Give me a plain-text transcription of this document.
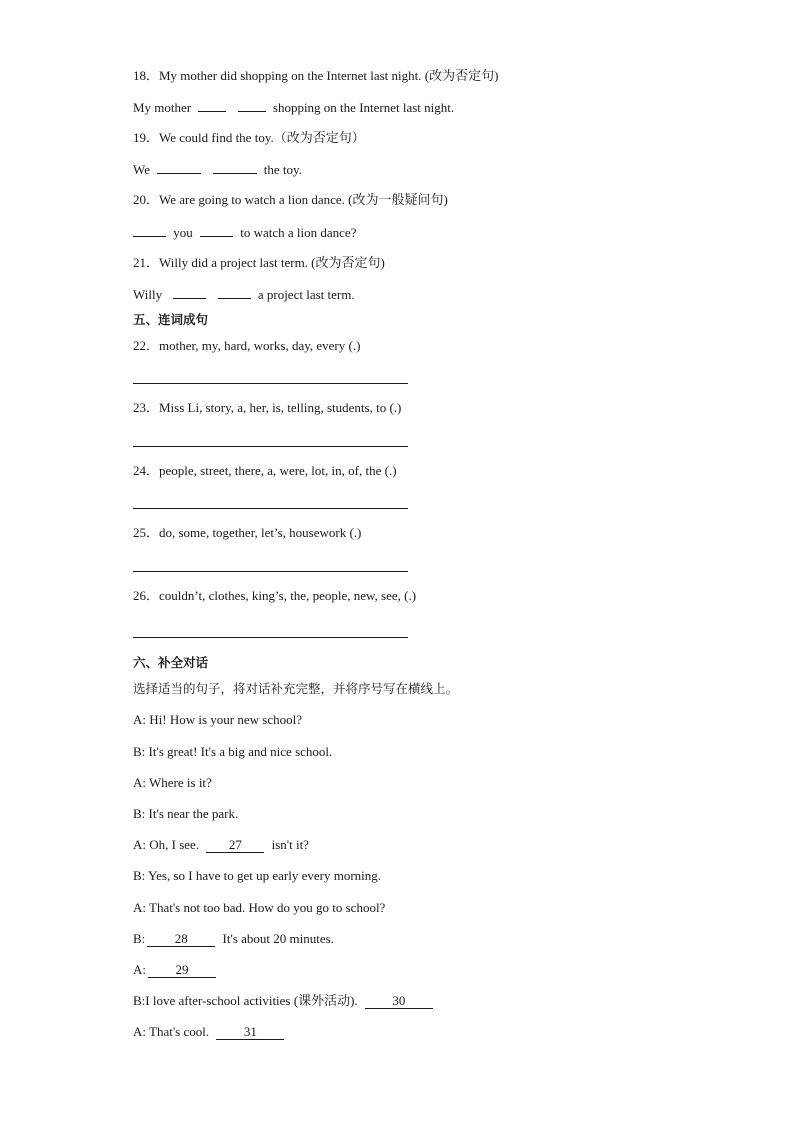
18．My mother did shopping on the Internet last night. (改为否定句)
My mother	shopping on the Internet last night.
19．We could find the toy.（改为否定句）
We	the toy.
20．We are going to watch a lion dance. (改为一般疑问句)
you	to watch a lion dance?
21．Willy did a project last term. (改为否定句)
Willy	a project last term.
五、连词成句
22．mother, my, hard, works, day, every (.)
23．Miss Li, story, a, her, is, telling, students, to (.)
24．people, street, there, a, were, lot, in, of, the (.)
25．do, some, together, let’s, housework (.)
26．couldn’t, clothes, king’s, the, people, new, see, (.)
六、补全对话
选择适当的句子，将对话补充完整，并将序号写在横线上。
A: Hi! How is your new school?
B: It's great! It's a big and nice school.
A: Where is it?
B: It's near the park.
A: Oh, I see. 27 isn't it?
B: Yes, so I have to get up early every morning.
A: That's not too bad. How do you go to school?
B: 28	It's about 20 minutes.
A: 29
B:I love after-school activities (课外活动).	30
A: That's cool.	31
